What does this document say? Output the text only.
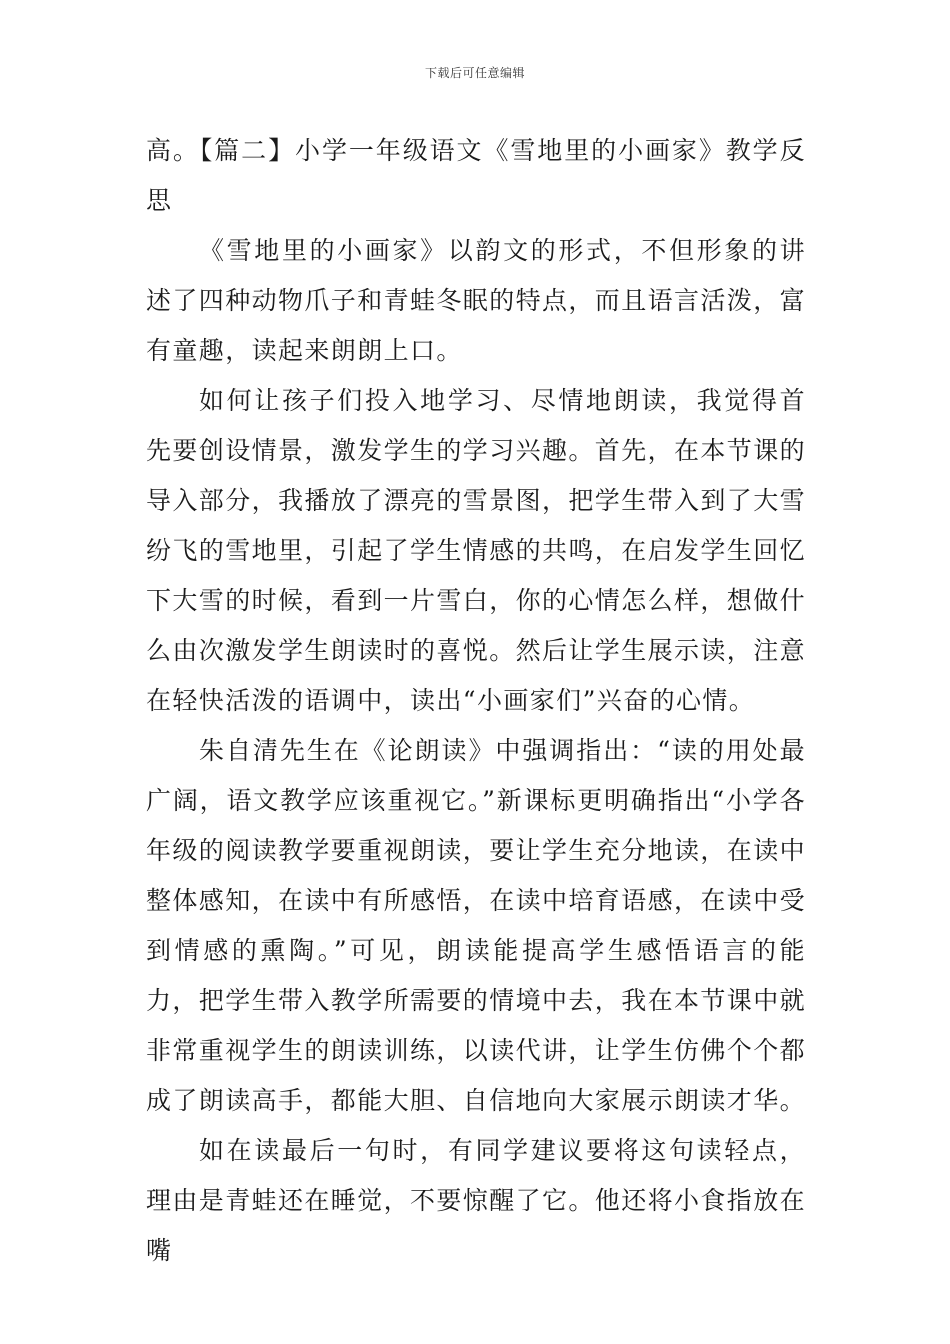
下载后可任意编辑

高。【篇二】小学一年级语文《雪地里的小画家》教学反思

《雪地里的小画家》以韵文的形式，不但形象的讲述了四种动物爪子和青蛙冬眠的特点，而且语言活泼，富有童趣，读起来朗朗上口。

如何让孩子们投入地学习、尽情地朗读，我觉得首先要创设情景，激发学生的学习兴趣。首先，在本节课的导入部分，我播放了漂亮的雪景图，把学生带入到了大雪纷飞的雪地里，引起了学生情感的共鸣，在启发学生回忆下大雪的时候，看到一片雪白，你的心情怎么样，想做什么由次激发学生朗读时的喜悦。然后让学生展示读，注意在轻快活泼的语调中，读出“小画家们”兴奋的心情。

朱自清先生在《论朗读》中强调指出：“读的用处最广阔，语文教学应该重视它。”新课标更明确指出“小学各年级的阅读教学要重视朗读，要让学生充分地读，在读中整体感知，在读中有所感悟，在读中培育语感，在读中受到情感的熏陶。”可见，朗读能提高学生感悟语言的能力，把学生带入教学所需要的情境中去，我在本节课中就非常重视学生的朗读训练，以读代讲，让学生仿佛个个都成了朗读高手，都能大胆、自信地向大家展示朗读才华。

如在读最后一句时，有同学建议要将这句读轻点，理由是青蛙还在睡觉，不要惊醒了它。他还将小食指放在嘴
